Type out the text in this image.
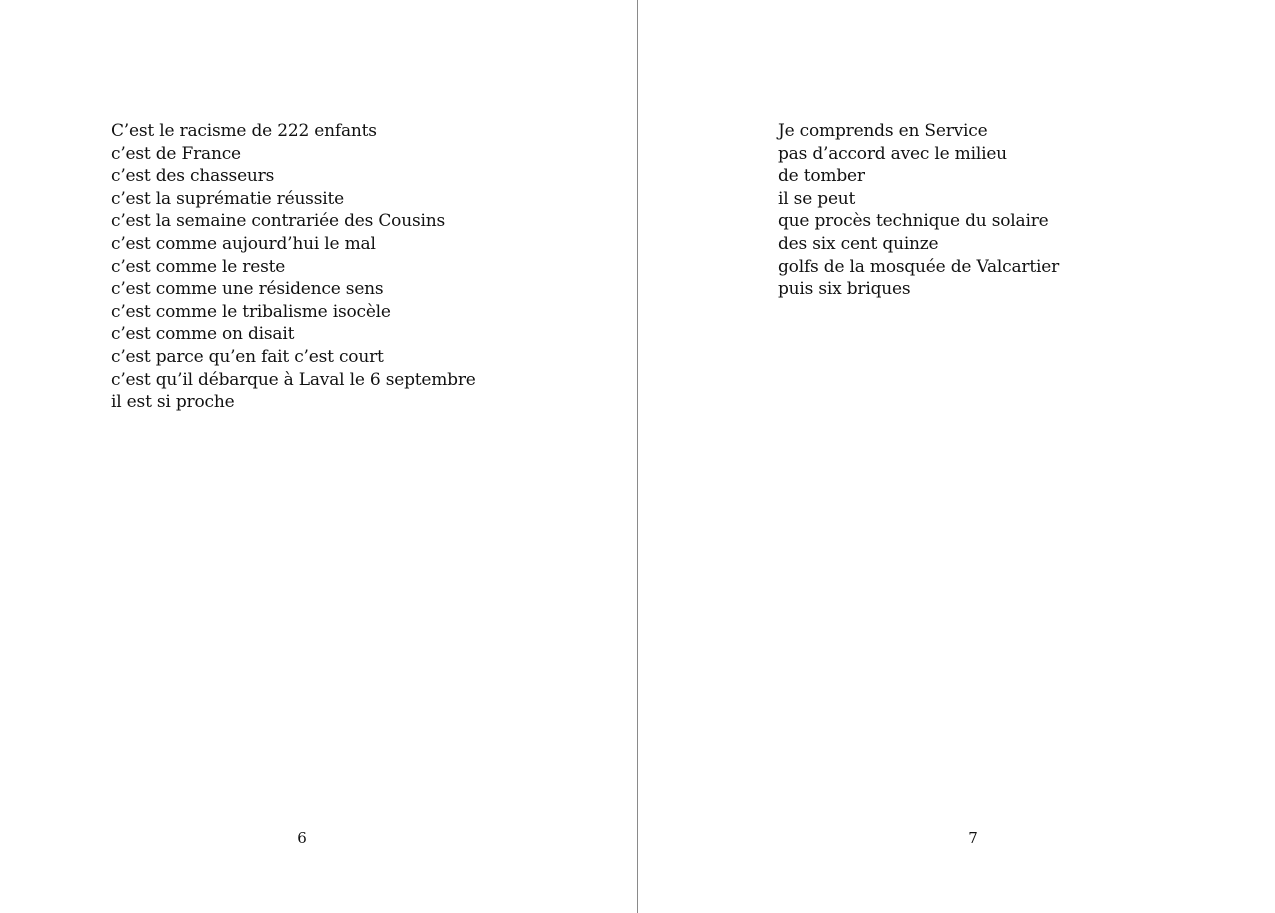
C’est le racisme de 222 enfants
c’est de France
c’est des chasseurs
c’est la suprématie réussite
c’est la semaine contrariée des Cousins
c’est comme aujourd’hui le mal
c’est comme le reste
c’est comme une résidence sens
c’est comme le tribalisme isocèle
c’est comme on disait
c’est parce qu’en fait c’est court
c’est qu’il débarque à Laval le 6 septembre
il est si proche
6
Je comprends en Service
pas d’accord avec le milieu
de tomber
il se peut
que procès technique du solaire
des six cent quinze
golfs de la mosquée de Valcartier
puis six briques
7
